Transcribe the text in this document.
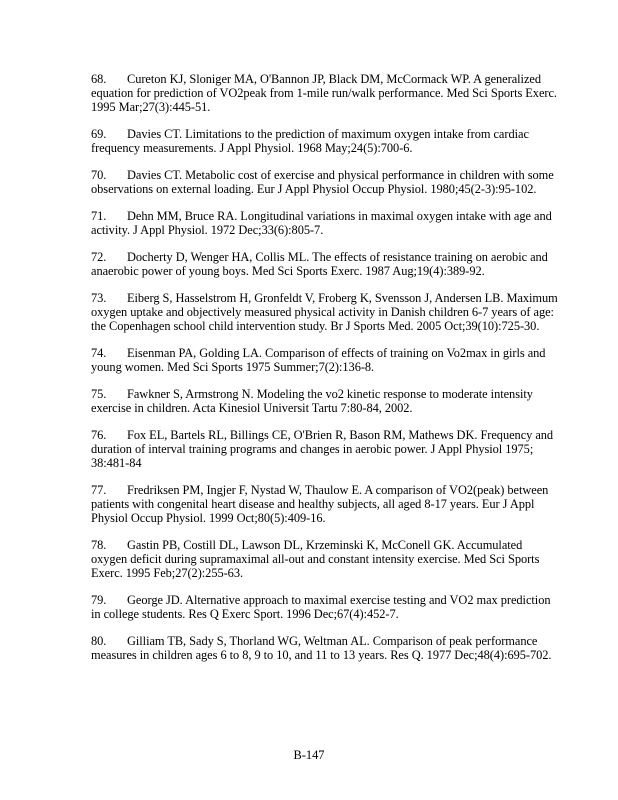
68. Cureton KJ, Sloniger MA, O'Bannon JP, Black DM, McCormack WP. A generalized equation for prediction of VO2peak from 1-mile run/walk performance. Med Sci Sports Exerc. 1995 Mar;27(3):445-51.
69. Davies CT. Limitations to the prediction of maximum oxygen intake from cardiac frequency measurements. J Appl Physiol. 1968 May;24(5):700-6.
70. Davies CT. Metabolic cost of exercise and physical performance in children with some observations on external loading. Eur J Appl Physiol Occup Physiol. 1980;45(2-3):95-102.
71. Dehn MM, Bruce RA. Longitudinal variations in maximal oxygen intake with age and activity. J Appl Physiol. 1972 Dec;33(6):805-7.
72. Docherty D, Wenger HA, Collis ML. The effects of resistance training on aerobic and anaerobic power of young boys. Med Sci Sports Exerc. 1987 Aug;19(4):389-92.
73. Eiberg S, Hasselstrom H, Gronfeldt V, Froberg K, Svensson J, Andersen LB. Maximum oxygen uptake and objectively measured physical activity in Danish children 6-7 years of age: the Copenhagen school child intervention study. Br J Sports Med. 2005 Oct;39(10):725-30.
74. Eisenman PA, Golding LA. Comparison of effects of training on Vo2max in girls and young women. Med Sci Sports 1975 Summer;7(2):136-8.
75. Fawkner S, Armstrong N. Modeling the vo2 kinetic response to moderate intensity exercise in children. Acta Kinesiol Universit Tartu 7:80-84, 2002.
76. Fox EL, Bartels RL, Billings CE, O'Brien R, Bason RM, Mathews DK. Frequency and duration of interval training programs and changes in aerobic power. J Appl Physiol 1975; 38:481-84
77. Fredriksen PM, Ingjer F, Nystad W, Thaulow E. A comparison of VO2(peak) between patients with congenital heart disease and healthy subjects, all aged 8-17 years. Eur J Appl Physiol Occup Physiol. 1999 Oct;80(5):409-16.
78. Gastin PB, Costill DL, Lawson DL, Krzeminski K, McConell GK. Accumulated oxygen deficit during supramaximal all-out and constant intensity exercise. Med Sci Sports Exerc. 1995 Feb;27(2):255-63.
79. George JD. Alternative approach to maximal exercise testing and VO2 max prediction in college students. Res Q Exerc Sport. 1996 Dec;67(4):452-7.
80. Gilliam TB, Sady S, Thorland WG, Weltman AL. Comparison of peak performance measures in children ages 6 to 8, 9 to 10, and 11 to 13 years. Res Q. 1977 Dec;48(4):695-702.
B-147
